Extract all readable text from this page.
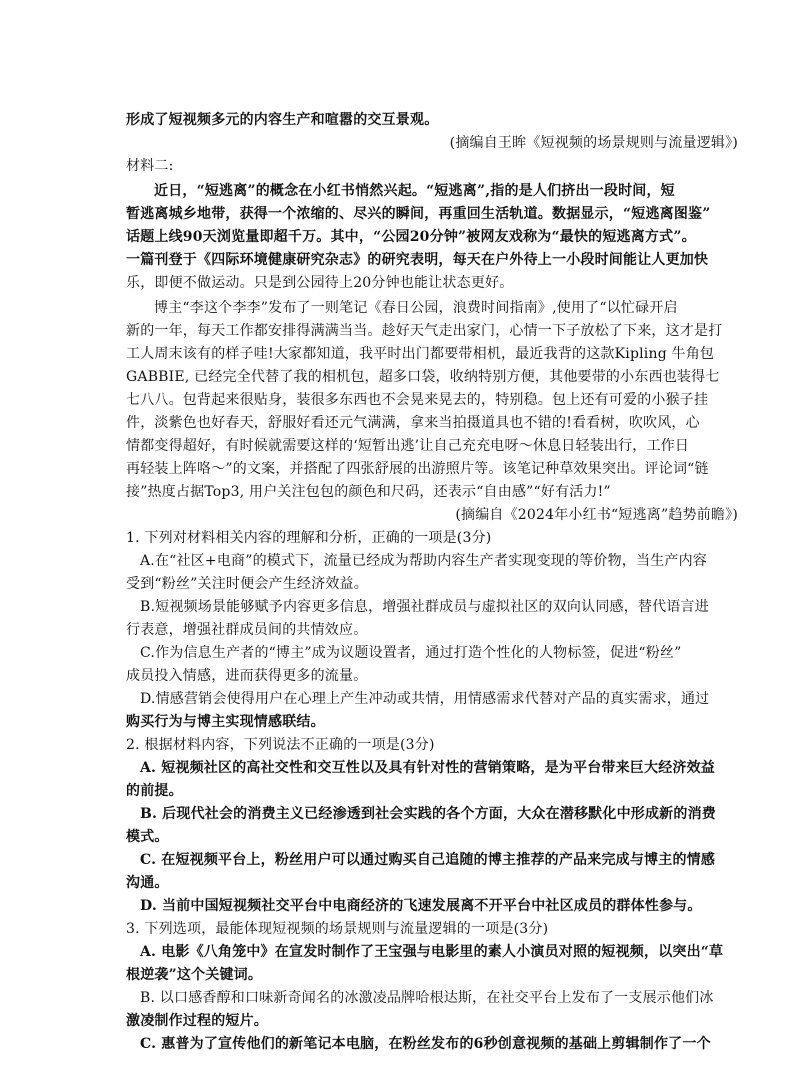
形成了短视频多元的内容生产和喧嚣的交互景观。
(摘编自王眸《短视频的场景规则与流量逻辑》)
材料二:
近日，“短逃离”的概念在小红书悄然兴起。“短逃离”,指的是人们挤出一段时间，短
暂逃离城乡地带，获得一个浓缩的、尽兴的瞬间，再重回生活轨道。数据显示，“短逃离图鉴”
话题上线90天浏览量即超千万。其中，“公园20分钟”被网友戏称为“最快的短逃离方式”。
一篇刊登于《四际环境健康研究杂志》的研究表明，每天在户外待上一小段时间能让人更加快
乐，即便不做运动。只是到公园待上20分钟也能让状态更好。
博主“李这个李李”发布了一则笔记《春日公园，浪费时间指南》,使用了“以忙碌开启
新的一年，每天工作都安排得满满当当。趁好天气走出家门，心情一下子放松了下来，这才是打
工人周末该有的样子哇!大家都知道，我平时出门都要带相机，最近我背的这款Kipling 牛角包
GABBIE, 已经完全代替了我的相机包，超多口袋，收纳特别方便，其他要带的小东西也装得七
七八八。包背起来很贴身，装很多东西也不会晃来晃去的，特别稳。包上还有可爱的小猴子挂
件，淡紫色也好春天，舒服好看还元气满满，拿来当拍摄道具也不错的!看看树，吹吹风，心
情都变得超好，有时候就需要这样的‘短暂出逃’让自己充充电呀～休息日轻装出行，工作日
再轻装上阵咯～”的文案，并搭配了四张舒展的出游照片等。该笔记种草效果突出。评论词“链
接”热度占据Top3, 用户关注包包的颜色和尺码，还表示“自由感”“好有活力!”
(摘编自《2024年小红书“短逃离”趋势前瞻》)
1. 下列对材料相关内容的理解和分析，正确的一项是(3分)
A.在“社区+电商”的模式下，流量已经成为帮助内容生产者实现变现的等价物，当生产内容
受到“粉丝”关注时便会产生经济效益。
B.短视频场景能够赋予内容更多信息，增强社群成员与虚拟社区的双向认同感，替代语言进
行表意，增强社群成员间的共情效应。
C.作为信息生产者的“博主”成为议题设置者，通过打造个性化的人物标签，促进“粉丝”
成员投入情感，进而获得更多的流量。
D.情感营销会使得用户在心理上产生冲动或共情，用情感需求代替对产品的真实需求，通过
购买行为与博主实现情感联结。
2. 根据材料内容，下列说法不正确的一项是(3分)
A. 短视频社区的高社交性和交互性以及具有针对性的营销策略，是为平台带来巨大经济效益
的前提。
B. 后现代社会的消费主义已经渗透到社会实践的各个方面，大众在潜移默化中形成新的消费
模式。
C. 在短视频平台上，粉丝用户可以通过购买自己追随的博主推荐的产品来完成与博主的情感
沟通。
D. 当前中国短视频社交平台中电商经济的飞速发展离不开平台中社区成员的群体性参与。
3. 下列选项，最能体现短视频的场景规则与流量逻辑的一项是(3分)
A. 电影《八角笼中》在宣发时制作了王宝强与电影里的素人小演员对照的短视频，以突出“草
根逆袭”这个关键词。
B. 以口感香醇和口味新奇闻名的冰激凌品牌哈根达斯，在社交平台上发布了一支展示他们冰
激凌制作过程的短片。
C. 惠普为了宣传他们的新笔记本电脑，在粉丝发布的6秒创意视频的基础上剪辑制作了一个
